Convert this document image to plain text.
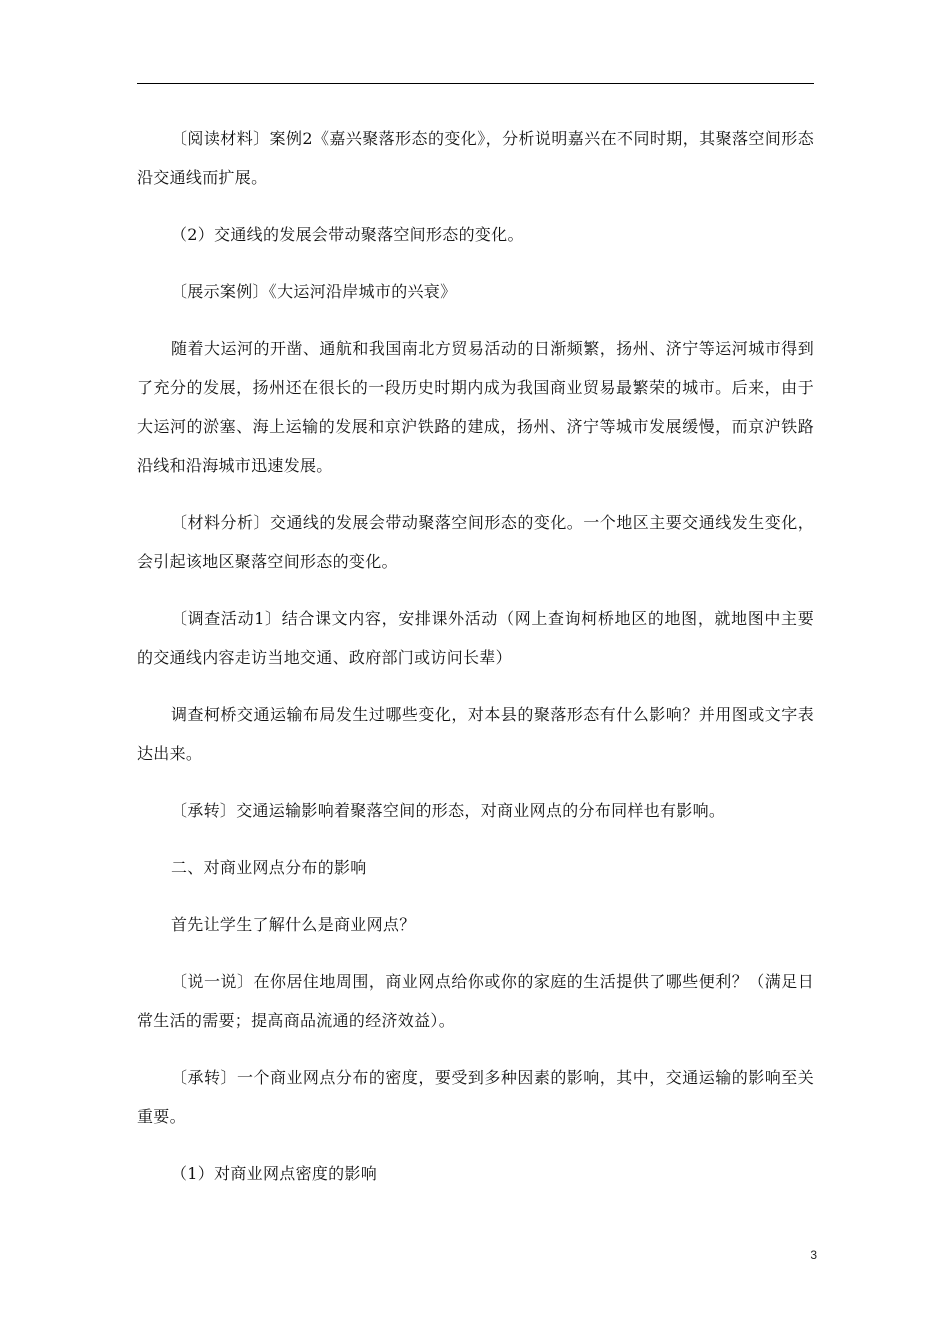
〔阅读材料〕案例2《嘉兴聚落形态的变化》，分析说明嘉兴在不同时期，其聚落空间形态沿交通线而扩展。

（2）交通线的发展会带动聚落空间形态的变化。

〔展示案例〕《大运河沿岸城市的兴衰》

随着大运河的开凿、通航和我国南北方贸易活动的日渐频繁，扬州、济宁等运河城市得到了充分的发展，扬州还在很长的一段历史时期内成为我国商业贸易最繁荣的城市。后来，由于大运河的淤塞、海上运输的发展和京沪铁路的建成，扬州、济宁等城市发展缓慢，而京沪铁路沿线和沿海城市迅速发展。

〔材料分析〕交通线的发展会带动聚落空间形态的变化。一个地区主要交通线发生变化，会引起该地区聚落空间形态的变化。

〔调查活动1〕结合课文内容，安排课外活动（网上查询柯桥地区的地图，就地图中主要的交通线内容走访当地交通、政府部门或访问长辈）

调查柯桥交通运输布局发生过哪些变化，对本县的聚落形态有什么影响？并用图或文字表达出来。

〔承转〕交通运输影响着聚落空间的形态，对商业网点的分布同样也有影响。

二、对商业网点分布的影响

首先让学生了解什么是商业网点？

〔说一说〕在你居住地周围，商业网点给你或你的家庭的生活提供了哪些便利？（满足日常生活的需要；提高商品流通的经济效益）。

〔承转〕一个商业网点分布的密度，要受到多种因素的影响，其中，交通运输的影响至关重要。

（1）对商业网点密度的影响

3
